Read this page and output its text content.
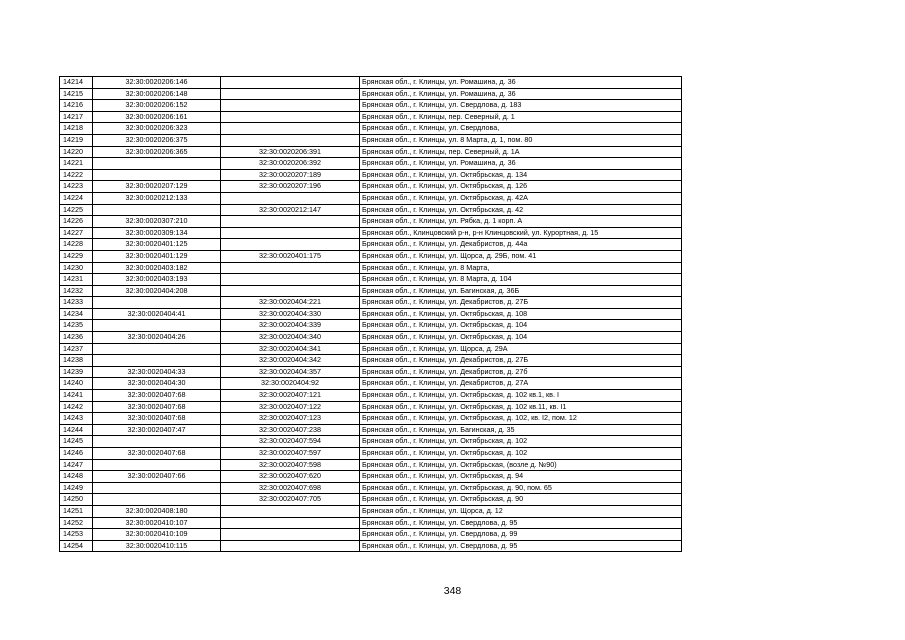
14214	32:30:0020206:146		Брянская обл., г. Клинцы, ул. Ромашина, д. 36
14215	32:30:0020206:148		Брянская обл., г. Клинцы, ул. Ромашина, д. 36
14216	32:30:0020206:152		Брянская обл., г. Клинцы, ул. Свердлова, д. 183
14217	32:30:0020206:161		Брянская обл., г. Клинцы, пер. Северный, д. 1
14218	32:30:0020206:323		Брянская обл., г. Клинцы, ул. Свердлова,
14219	32:30:0020206:375		Брянская обл., г. Клинцы, ул. 8 Марта, д. 1, пом. 80
14220	32:30:0020206:365	32:30:0020206:391	Брянская обл., г. Клинцы, пер. Северный, д. 1А
14221		32:30:0020206:392	Брянская обл., г. Клинцы, ул. Ромашина, д. 36
14222		32:30:0020207:189	Брянская обл., г. Клинцы, ул. Октябрьская, д. 134
14223	32:30:0020207:129	32:30:0020207:196	Брянская обл., г. Клинцы, ул. Октябрьская, д. 126
14224	32:30:0020212:133		Брянская обл., г. Клинцы, ул. Октябрьская, д. 42А
14225		32:30:0020212:147	Брянская обл., г. Клинцы, ул. Октябрьская, д. 42
14226	32:30:0020307:210		Брянская обл., г. Клинцы, ул. Рябка, д. 1 корп. А
14227	32:30:0020309:134		Брянская обл., Клинцовский р-н, р-н Клинцовский, ул. Курортная, д. 15
14228	32:30:0020401:125		Брянская обл., г. Клинцы, ул. Декабристов, д. 44а
14229	32:30:0020401:129	32:30:0020401:175	Брянская обл., г. Клинцы, ул. Щорса, д. 29Б, пом. 41
14230	32:30:0020403:182		Брянская обл., г. Клинцы, ул. 8 Марта,
14231	32:30:0020403:193		Брянская обл., г. Клинцы, ул. 8 Марта, д. 104
14232	32:30:0020404:208		Брянская обл., г. Клинцы, ул. Багинская, д. 36Б
14233		32:30:0020404:221	Брянская обл., г. Клинцы, ул. Декабристов, д. 27Б
14234	32:30:0020404:41	32:30:0020404:330	Брянская обл., г. Клинцы, ул. Октябрьская, д. 108
14235		32:30:0020404:339	Брянская обл., г. Клинцы, ул. Октябрьская, д. 104
14236	32:30:0020404:26	32:30:0020404:340	Брянская обл., г. Клинцы, ул. Октябрьская, д. 104
14237		32:30:0020404:341	Брянская обл., г. Клинцы, ул. Щорса, д. 29А
14238		32:30:0020404:342	Брянская обл., г. Клинцы, ул. Декабристов, д. 27Б
14239	32:30:0020404:33	32:30:0020404:357	Брянская обл., г. Клинцы, ул. Декабристов, д. 27б
14240	32:30:0020404:30	32:30:0020404:92	Брянская обл., г. Клинцы, ул. Декабристов, д. 27А
14241	32:30:0020407:68	32:30:0020407:121	Брянская обл., г. Клинцы, ул. Октябрьская, д. 102 кв.1, кв. I
14242	32:30:0020407:68	32:30:0020407:122	Брянская обл., г. Клинцы, ул. Октябрьская, д. 102 кв.11, кв. I1
14243	32:30:0020407:68	32:30:0020407:123	Брянская обл., г. Клинцы, ул. Октябрьская, д. 102, кв. I2, пом. 12
14244	32:30:0020407:47	32:30:0020407:238	Брянская обл., г. Клинцы, ул. Багинская, д. 35
14245		32:30:0020407:594	Брянская обл., г. Клинцы, ул. Октябрьская, д. 102
14246	32:30:0020407:68	32:30:0020407:597	Брянская обл., г. Клинцы, ул. Октябрьская, д. 102
14247		32:30:0020407:598	Брянская обл., г. Клинцы, ул. Октябрьская, (возле д. №90)
14248	32:30:0020407:66	32:30:0020407:620	Брянская обл., г. Клинцы, ул. Октябрьская, д. 94
14249		32:30:0020407:698	Брянская обл., г. Клинцы, ул. Октябрьская, д. 90, пом. 65
14250		32:30:0020407:705	Брянская обл., г. Клинцы, ул. Октябрьская, д. 90
14251	32:30:0020408:180		Брянская обл., г. Клинцы, ул. Щорса, д. 12
14252	32:30:0020410:107		Брянская обл., г. Клинцы, ул. Свердлова, д. 95
14253	32:30:0020410:109		Брянская обл., г. Клинцы, ул. Свердлова, д. 99
14254	32:30:0020410:115		Брянская обл., г. Клинцы, ул. Свердлова, д. 95
348
